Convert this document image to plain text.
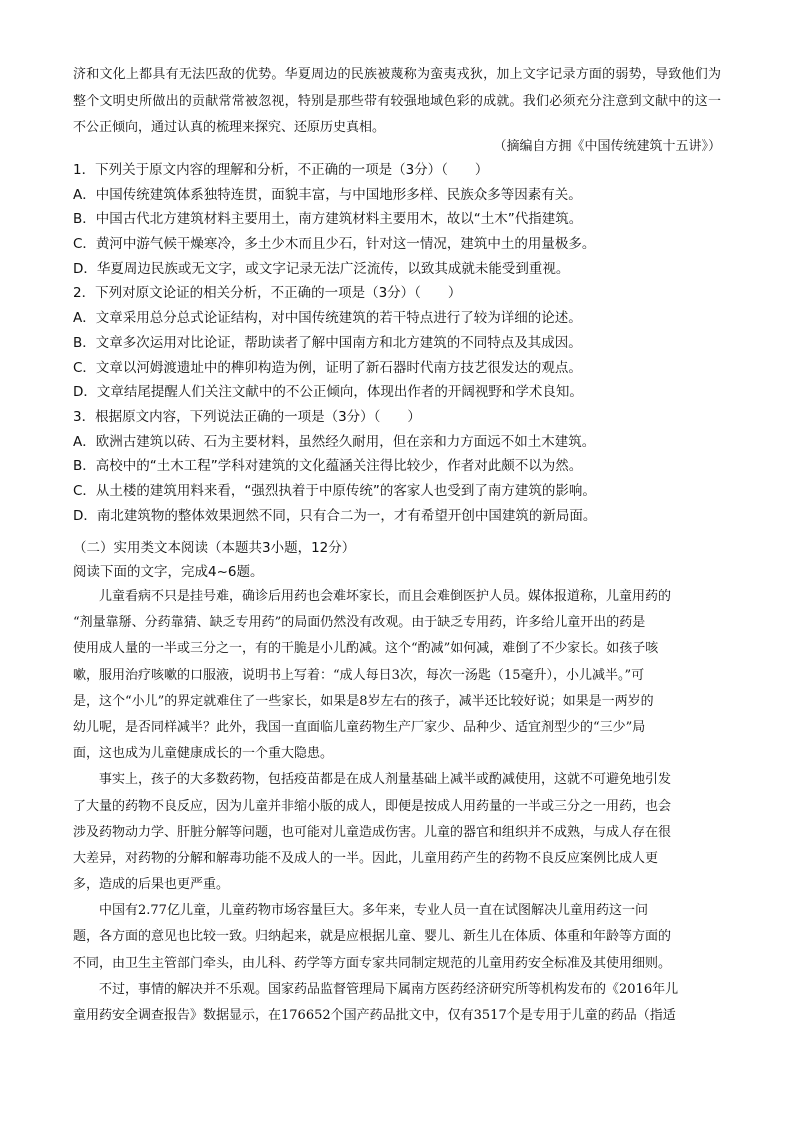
济和文化上都具有无法匹敌的优势。华夏周边的民族被蔑称为蛮夷戎狄，加上文字记录方面的弱势，导致他们为整个文明史所做出的贡献常常被忽视，特别是那些带有较强地域色彩的成就。我们必须充分注意到文献中的这一不公正倾向，通过认真的梳理来探究、还原历史真相。

（摘编自方拥《中国传统建筑十五讲》）

1．下列关于原文内容的理解和分析，不正确的一项是（3分）（　　）
A．中国传统建筑体系独特连贯，面貌丰富，与中国地形多样、民族众多等因素有关。
B．中国古代北方建筑材料主要用土，南方建筑材料主要用木，故以“土木”代指建筑。
C．黄河中游气候干燥寒冷，多土少木而且少石，针对这一情况，建筑中土的用量极多。
D．华夏周边民族或无文字，或文字记录无法广泛流传，以致其成就未能受到重视。
2．下列对原文论证的相关分析，不正确的一项是（3分）（　　）
A．文章采用总分总式论证结构，对中国传统建筑的若干特点进行了较为详细的论述。
B．文章多次运用对比论证，帮助读者了解中国南方和北方建筑的不同特点及其成因。
C．文章以河姆渡遗址中的榫卯构造为例，证明了新石器时代南方技艺很发达的观点。
D．文章结尾提醒人们关注文献中的不公正倾向，体现出作者的开阔视野和学术良知。
3．根据原文内容，下列说法正确的一项是（3分）（　　）
A．欧洲古建筑以砖、石为主要材料，虽然经久耐用，但在亲和力方面远不如土木建筑。
B．高校中的“土木工程”学科对建筑的文化蕴涵关注得比较少，作者对此颇不以为然。
C．从土楼的建筑用料来看，“强烈执着于中原传统”的客家人也受到了南方建筑的影响。
D．南北建筑物的整体效果迥然不同，只有合二为一，才有希望开创中国建筑的新局面。

（二）实用类文本阅读（本题共3小题，12分）

阅读下面的文字，完成4~6题。

　　儿童看病不只是挂号难，确诊后用药也会难坏家长，而且会难倒医护人员。媒体报道称，儿童用药的
“剂量靠掰、分药靠猜、缺乏专用药”的局面仍然没有改观。由于缺乏专用药，许多给儿童开出的药是
使用成人量的一半或三分之一，有的干脆是小儿酌减。这个“酌减”如何减，难倒了不少家长。如孩子咳
嗽，服用治疗咳嗽的口服液，说明书上写着：“成人每日3次，每次一汤匙（15毫升），小儿减半。”可
是，这个“小儿”的界定就难住了一些家长，如果是8岁左右的孩子，减半还比较好说；如果是一两岁的
幼儿呢，是否同样减半？此外，我国一直面临儿童药物生产厂家少、品种少、适宜剂型少的“三少”局
面，这也成为儿童健康成长的一个重大隐患。
　　事实上，孩子的大多数药物，包括疫苗都是在成人剂量基础上减半或酌减使用，这就不可避免地引发
了大量的药物不良反应，因为儿童并非缩小版的成人，即便是按成人用药量的一半或三分之一用药，也会
涉及药物动力学、肝脏分解等问题，也可能对儿童造成伤害。儿童的器官和组织并不成熟，与成人存在很
大差异，对药物的分解和解毒功能不及成人的一半。因此，儿童用药产生的药物不良反应案例比成人更
多，造成的后果也更严重。
　　中国有2.77亿儿童，儿童药物市场容量巨大。多年来，专业人员一直在试图解决儿童用药这一问
题，各方面的意见也比较一致。归纳起来，就是应根据儿童、婴儿、新生儿在体质、体重和年龄等方面的
不同，由卫生主管部门牵头，由儿科、药学等方面专家共同制定规范的儿童用药安全标准及其使用细则。
　　不过，事情的解决并不乐观。国家药品监督管理局下属南方医药经济研究所等机构发布的《2016年儿
童用药安全调查报告》数据显示，在176652个国产药品批文中，仅有3517个是专用于儿童的药品（指适
